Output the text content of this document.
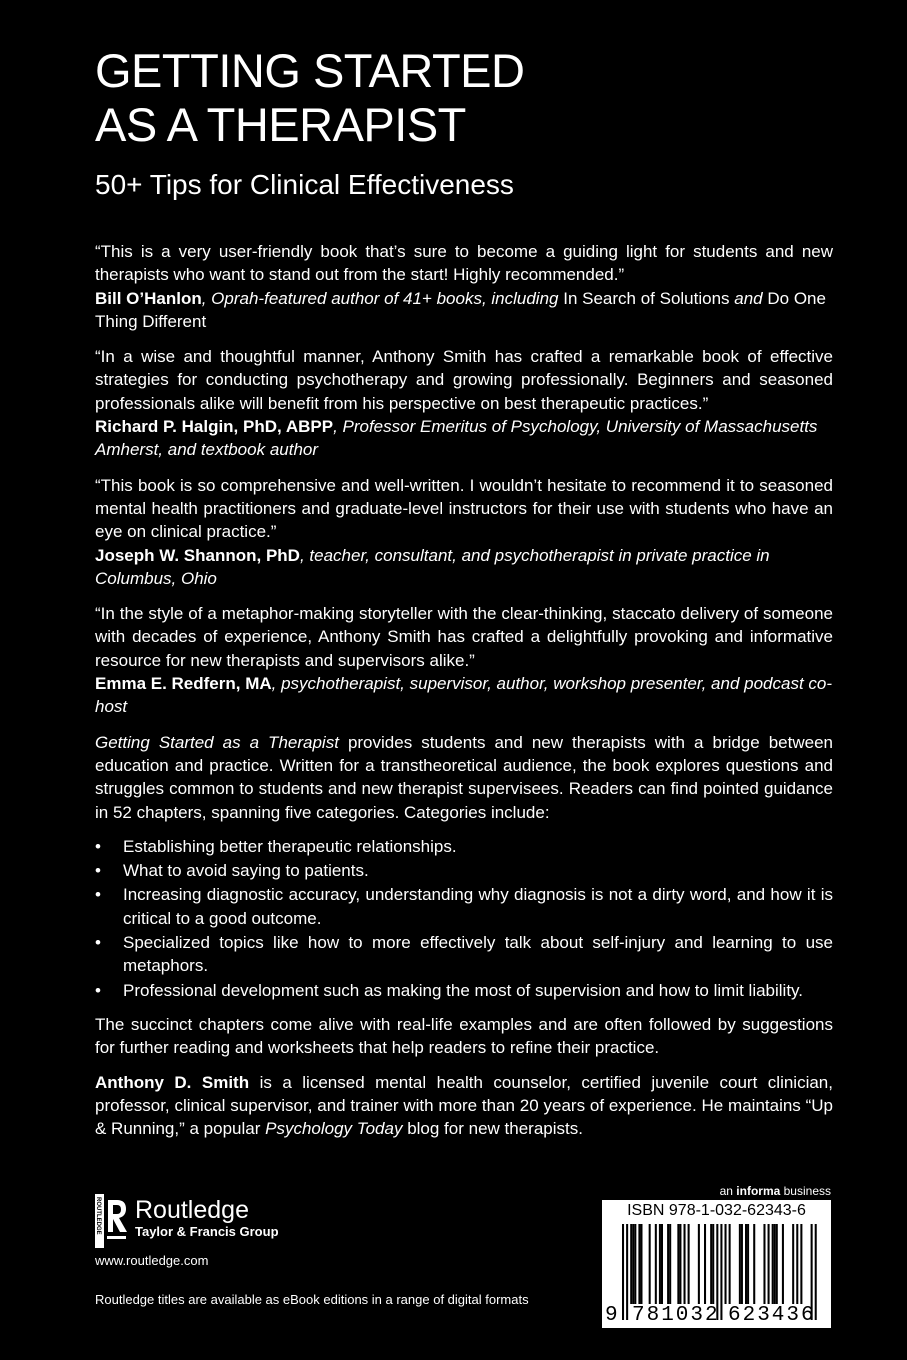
GETTING STARTED
AS A THERAPIST
50+ Tips for Clinical Effectiveness

“This is a very user-friendly book that’s sure to become a guiding light for students and new therapists who want to stand out from the start! Highly recommended.”

Bill O’Hanlon, Oprah-featured author of 41+ books, including In Search of Solutions and Do One Thing Different

“In a wise and thoughtful manner, Anthony Smith has crafted a remarkable book of effective strategies for conducting psychotherapy and growing professionally. Beginners and seasoned professionals alike will benefit from his perspective on best therapeutic practices.”

Richard P. Halgin, PhD, ABPP, Professor Emeritus of Psychology, University of Massachusetts Amherst, and textbook author

“This book is so comprehensive and well-written. I wouldn’t hesitate to recommend it to seasoned mental health practitioners and graduate-level instructors for their use with students who have an eye on clinical practice.”

Joseph W. Shannon, PhD, teacher, consultant, and psychotherapist in private practice in Columbus, Ohio

“In the style of a metaphor-making storyteller with the clear-thinking, staccato delivery of someone with decades of experience, Anthony Smith has crafted a delightfully provoking and informative resource for new therapists and supervisors alike.”

Emma E. Redfern, MA, psychotherapist, supervisor, author, workshop presenter, and podcast co-host

Getting Started as a Therapist provides students and new therapists with a bridge between education and practice. Written for a transtheoretical audience, the book explores questions and struggles common to students and new therapist supervisees. Readers can find pointed guidance in 52 chapters, spanning five categories. Categories include:

• Establishing better therapeutic relationships.
• What to avoid saying to patients.
• Increasing diagnostic accuracy, understanding why diagnosis is not a dirty word, and how it is critical to a good outcome.
• Specialized topics like how to more effectively talk about self-injury and learning to use metaphors.
• Professional development such as making the most of supervision and how to limit liability.

The succinct chapters come alive with real-life examples and are often followed by suggestions for further reading and worksheets that help readers to refine their practice.

Anthony D. Smith is a licensed mental health counselor, certified juvenile court clinician, professor, clinical supervisor, and trainer with more than 20 years of experience. He maintains “Up & Running,” a popular Psychology Today blog for new therapists.

ROUTLEDGE Routledge
Taylor & Francis Group
www.routledge.com
Routledge titles are available as eBook editions in a range of digital formats
an informa business
ISBN 978-1-032-62343-6
9 781032 623436
